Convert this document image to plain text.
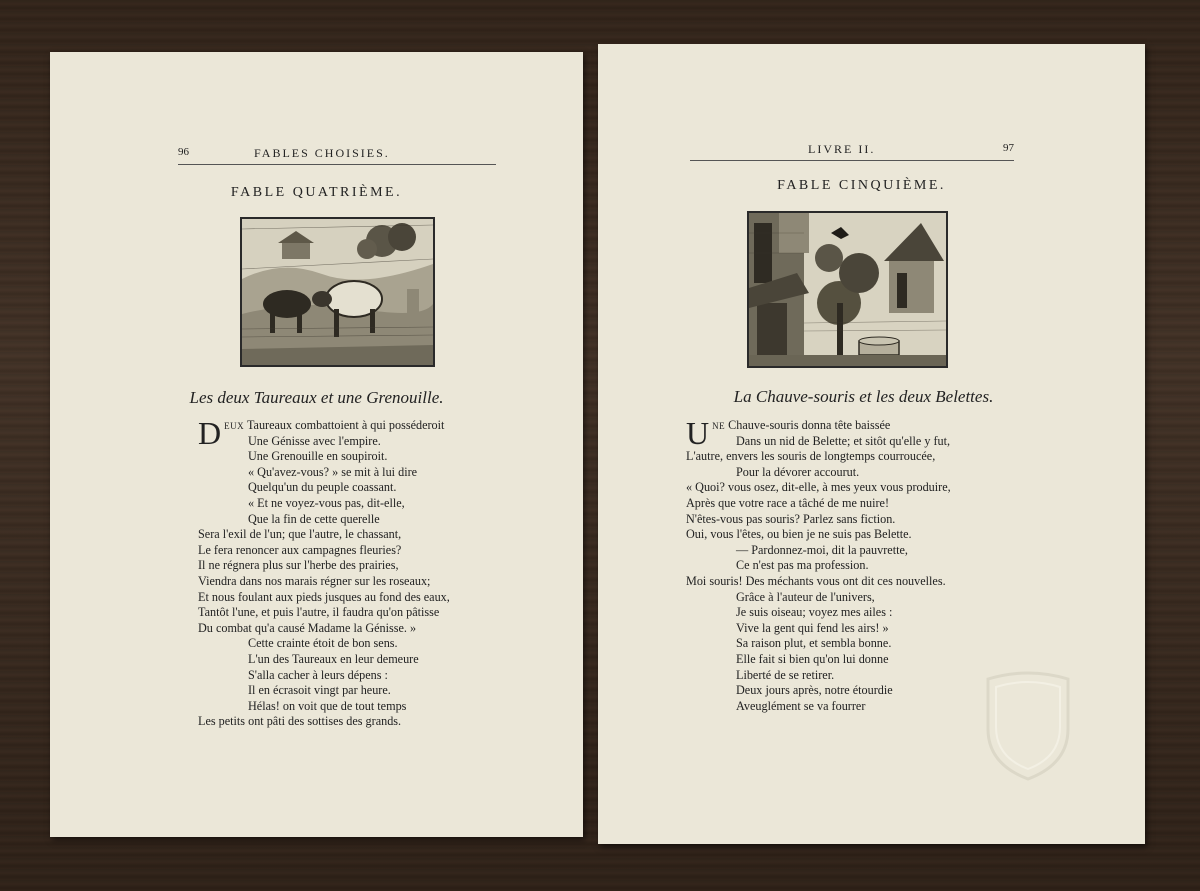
96	FABLES CHOISIES.
FABLE QUATRIÈME.
Les deux Taureaux et une Grenouille.
D EUX Taureaux combattoient à qui posséderoit
Une Génisse avec l'empire.
Une Grenouille en soupiroit.
« Qu'avez-vous? » se mit à lui dire
Quelqu'un du peuple coassant.
« Et ne voyez-vous pas, dit-elle,
Que la fin de cette querelle
Sera l'exil de l'un; que l'autre, le chassant,
Le fera renoncer aux campagnes fleuries?
Il ne régnera plus sur l'herbe des prairies,
Viendra dans nos marais régner sur les roseaux;
Et nous foulant aux pieds jusques au fond des eaux,
Tantôt l'une, et puis l'autre, il faudra qu'on pâtisse
Du combat qu'a causé Madame la Génisse. »
Cette crainte étoit de bon sens.
L'un des Taureaux en leur demeure
S'alla cacher à leurs dépens :
Il en écrasoit vingt par heure.
Hélas! on voit que de tout temps
Les petits ont pâti des sottises des grands.
LIVRE II.	97
FABLE CINQUIÈME.
La Chauve-souris et les deux Belettes.
U NE Chauve-souris donna tête baissée
Dans un nid de Belette; et sitôt qu'elle y fut,
L'autre, envers les souris de longtemps courroucée,
Pour la dévorer accourut.
« Quoi? vous osez, dit-elle, à mes yeux vous produire,
Après que votre race a tâché de me nuire!
N'êtes-vous pas souris? Parlez sans fiction.
Oui, vous l'êtes, ou bien je ne suis pas Belette.
— Pardonnez-moi, dit la pauvrette,
Ce n'est pas ma profession.
Moi souris! Des méchants vous ont dit ces nouvelles.
Grâce à l'auteur de l'univers,
Je suis oiseau; voyez mes ailes :
Vive la gent qui fend les airs! »
Sa raison plut, et sembla bonne.
Elle fait si bien qu'on lui donne
Liberté de se retirer.
Deux jours après, notre étourdie
Aveuglément se va fourrer
